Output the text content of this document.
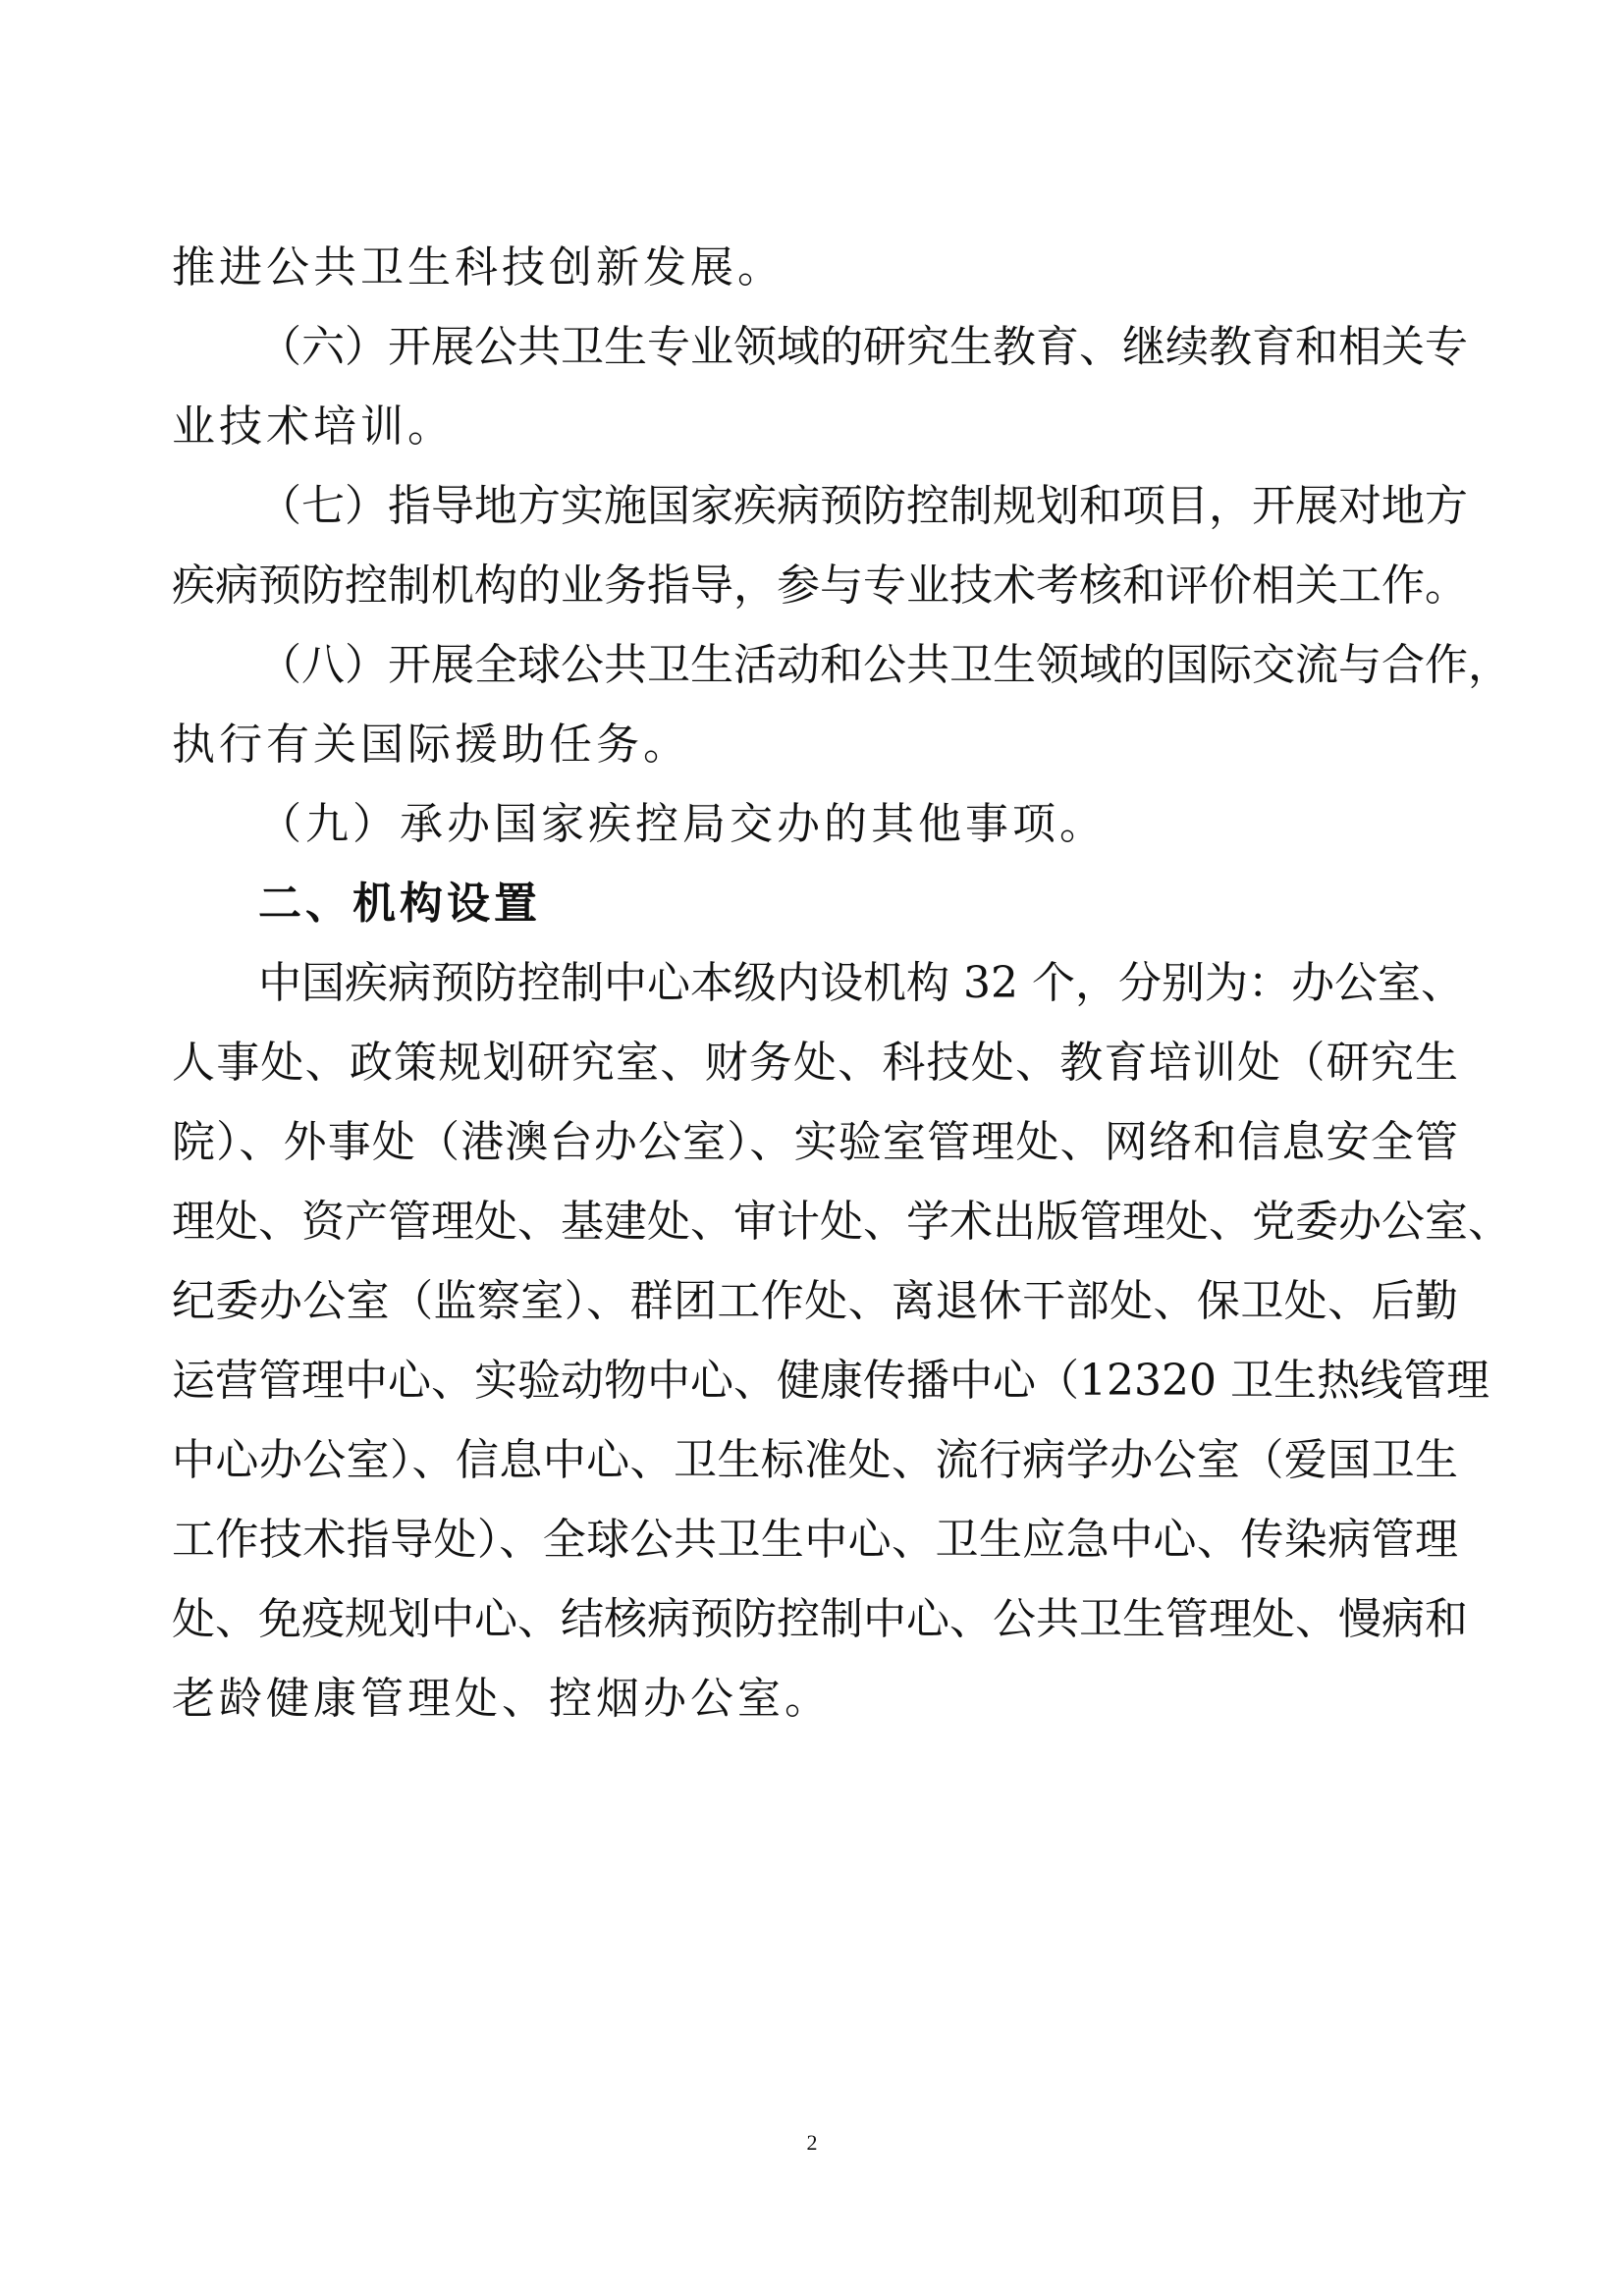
推进公共卫生科技创新发展。
（六）开展公共卫生专业领域的研究生教育、继续教育和相关专
业技术培训。
（七）指导地方实施国家疾病预防控制规划和项目，开展对地方
疾病预防控制机构的业务指导，参与专业技术考核和评价相关工作。
（八）开展全球公共卫生活动和公共卫生领域的国际交流与合作，
执行有关国际援助任务。
（九）承办国家疾控局交办的其他事项。
二、机构设置
中国疾病预防控制中心本级内设机构 32 个，分别为：办公室、
人事处、政策规划研究室、财务处、科技处、教育培训处（研究生
院）、外事处（港澳台办公室）、实验室管理处、网络和信息安全管
理处、资产管理处、基建处、审计处、学术出版管理处、党委办公室、
纪委办公室（监察室）、群团工作处、离退休干部处、保卫处、后勤
运营管理中心、实验动物中心、健康传播中心（12320 卫生热线管理
中心办公室）、信息中心、卫生标准处、流行病学办公室（爱国卫生
工作技术指导处）、全球公共卫生中心、卫生应急中心、传染病管理
处、免疫规划中心、结核病预防控制中心、公共卫生管理处、慢病和
老龄健康管理处、控烟办公室。
2
